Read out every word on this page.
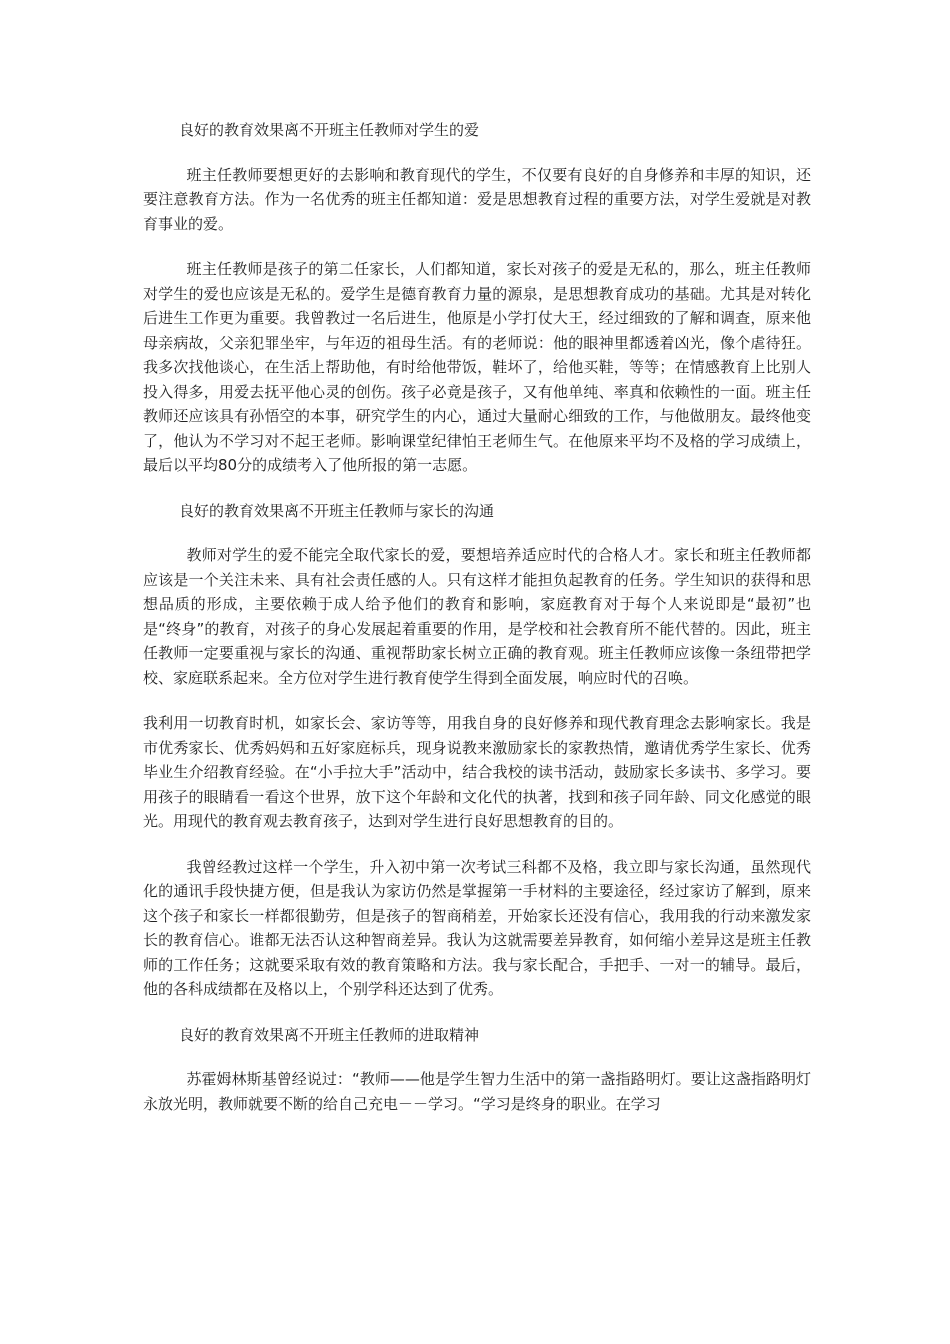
良好的教育效果离不开班主任教师对学生的爱

班主任教师要想更好的去影响和教育现代的学生，不仅要有良好的自身修养和丰厚的知识，还要注意教育方法。作为一名优秀的班主任都知道：爱是思想教育过程的重要方法，对学生爱就是对教育事业的爱。

班主任教师是孩子的第二任家长，人们都知道，家长对孩子的爱是无私的，那么，班主任教师对学生的爱也应该是无私的。爱学生是德育教育力量的源泉，是思想教育成功的基础。尤其是对转化后进生工作更为重要。我曾教过一名后进生，他原是小学打仗大王，经过细致的了解和调查，原来他母亲病故，父亲犯罪坐牢，与年迈的祖母生活。有的老师说：他的眼神里都透着凶光，像个虐待狂。我多次找他谈心，在生活上帮助他，有时给他带饭，鞋坏了，给他买鞋，等等；在情感教育上比别人投入得多，用爱去抚平他心灵的创伤。孩子必竟是孩子，又有他单纯、率真和依赖性的一面。班主任教师还应该具有孙悟空的本事，研究学生的内心，通过大量耐心细致的工作，与他做朋友。最终他变了，他认为不学习对不起王老师。影响课堂纪律怕王老师生气。在他原来平均不及格的学习成绩上，最后以平均80分的成绩考入了他所报的第一志愿。

良好的教育效果离不开班主任教师与家长的沟通

教师对学生的爱不能完全取代家长的爱，要想培养适应时代的合格人才。家长和班主任教师都应该是一个关注未来、具有社会责任感的人。只有这样才能担负起教育的任务。学生知识的获得和思想品质的形成，主要依赖于成人给予他们的教育和影响，家庭教育对于每个人来说即是“最初”也是“终身”的教育，对孩子的身心发展起着重要的作用，是学校和社会教育所不能代替的。因此，班主任教师一定要重视与家长的沟通、重视帮助家长树立正确的教育观。班主任教师应该像一条纽带把学校、家庭联系起来。全方位对学生进行教育使学生得到全面发展，响应时代的召唤。

我利用一切教育时机，如家长会、家访等等，用我自身的良好修养和现代教育理念去影响家长。我是市优秀家长、优秀妈妈和五好家庭标兵，现身说教来激励家长的家教热情，邀请优秀学生家长、优秀毕业生介绍教育经验。在“小手拉大手”活动中，结合我校的读书活动，鼓励家长多读书、多学习。要用孩子的眼睛看一看这个世界，放下这个年龄和文化代的执著，找到和孩子同年龄、同文化感觉的眼光。用现代的教育观去教育孩子，达到对学生进行良好思想教育的目的。

我曾经教过这样一个学生，升入初中第一次考试三科都不及格，我立即与家长沟通，虽然现代化的通讯手段快捷方便，但是我认为家访仍然是掌握第一手材料的主要途径，经过家访了解到，原来这个孩子和家长一样都很勤劳，但是孩子的智商稍差，开始家长还没有信心，我用我的行动来激发家长的教育信心。谁都无法否认这种智商差异。我认为这就需要差异教育，如何缩小差异这是班主任教师的工作任务；这就要采取有效的教育策略和方法。我与家长配合，手把手、一对一的辅导。最后，他的各科成绩都在及格以上，个别学科还达到了优秀。

良好的教育效果离不开班主任教师的进取精神

苏霍姆林斯基曾经说过：“教师——他是学生智力生活中的第一盏指路明灯。要让这盏指路明灯永放光明，教师就要不断的给自己充电－－学习。“学习是终身的职业。在学习
